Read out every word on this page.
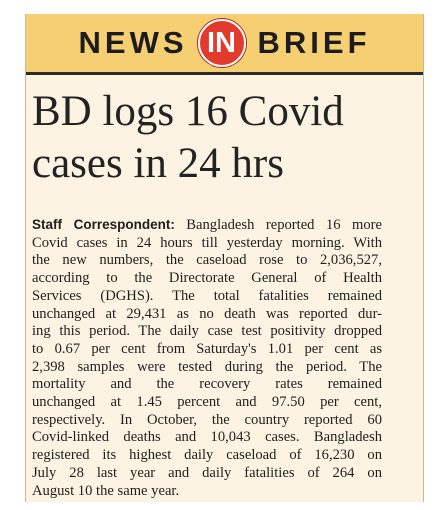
NEWS IN BRIEF
BD logs 16 Covid
cases in 24 hrs
Staff Correspondent: Bangladesh reported 16 more
Covid cases in 24 hours till yesterday morning. With
the new numbers, the caseload rose to 2,036,527,
according to the Directorate General of Health
Services (DGHS). The total fatalities remained
unchanged at 29,431 as no death was reported dur-
ing this period. The daily case test positivity dropped
to 0.67 per cent from Saturday's 1.01 per cent as
2,398 samples were tested during the period. The
mortality and the recovery rates remained
unchanged at 1.45 percent and 97.50 per cent,
respectively. In October, the country reported 60
Covid-linked deaths and 10,043 cases. Bangladesh
registered its highest daily caseload of 16,230 on
July 28 last year and daily fatalities of 264 on
August 10 the same year.
